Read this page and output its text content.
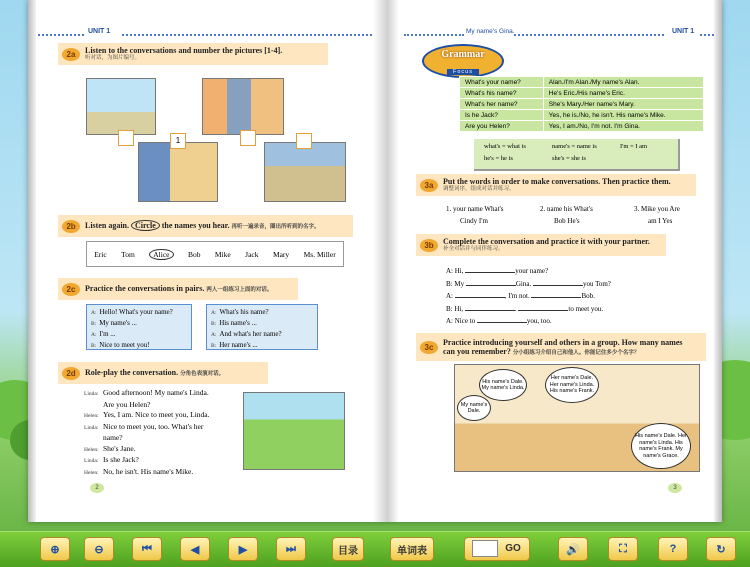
UNIT 1
2a	Listen to the conversations and number the pictures [1-4].
听对话，为图片编号。
1
2b	Listen again. Circle the names you hear. 再听一遍录音，圈出所听到的名字。
Eric Tom	Alice	Bob Mike Jack Mary Ms. Miller
2c	Practice the conversations in pairs. 两人一组练习上面的对话。
A: Hello! What's your name?
B: My name's ...
A: I'm ...
B: Nice to meet you!
A: What's his name?
B: His name's ...
A: And what's her name?
B: Her name's ...
2d	Role-play the conversation. 分角色表演对话。
Linda: Good afternoon! My name's Linda.
Are you Helen?
Helen: Yes, I am. Nice to meet you, Linda.
Linda: Nice to meet you, too. What's her
name?
Helen: She's Jane.
Linda: Is she Jack?
Helen: No, he isn't. His name's Mike.
2
My name's Gina.	UNIT 1
Grammar
Focus
What's your name?	Alan./I'm Alan./My name's Alan.
What's his name?	He's Eric./His name's Eric.
What's her name?	She's Mary./Her name's Mary.
Is he Jack?	Yes, he is./No, he isn't. His name's Mike.
Are you Helen?	Yes, I am./No, I'm not. I'm Gina.
what's = what is	name's = name is	I'm = I am
he's = he is	she's = she is
3a	Put the words in order to make conversations. Then practice them.
调整词序，组成对话并练习。
1. your name What's
Cindy I'm
2. name his What's
Bob He's
3. Mike you Are
am I Yes
3b	Complete the conversation and practice it with your partner.
补全对话并与同伴练习。
A: Hi,	your name?
B: My	Gina.	you Tom?
A:	, I'm not.	Bob.
B: Hi,	.	to meet you.
A: Nice to	you, too.
3c
Practice introducing yourself and others in a group. How many names
can you remember? 分小组练习介绍自己和他人。你能记住多少个名字？
His name's Dale. My name's Linda.
Her name's Dale. Her name's Linda. His name's Frank.
My name's Dale.
His name's Dale. Her name's Linda. His name's Frank. My name's Grace.
3
⊕	⊖	⏮	◀	▶	⏭	目录	单词表	GO	🔊	⛶	?	↻
